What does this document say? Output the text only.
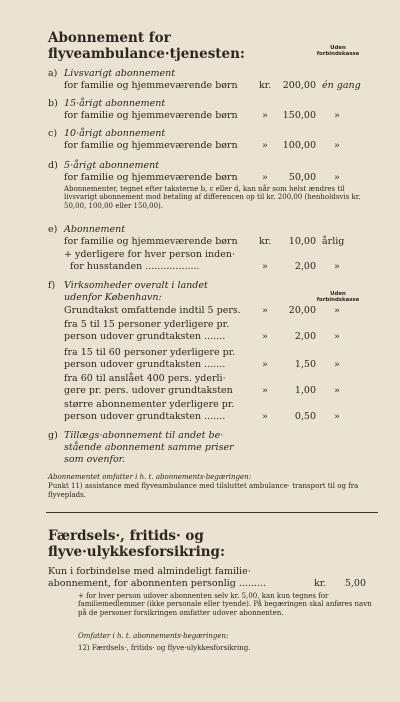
Abonnement for
flyveambulance·tjenesten:	Uden
forbindskasse
a) Livsvarigt abonnement
for familie og hjemmeværende børn kr.	200,00 én gang
b) 15·årigt abonnement
for familie og hjemmeværende børn	»	150,00 »
c) 10·årigt abonnement
for familie og hjemmeværende børn	»	100,00 »
d) 5·årigt abonnement
for familie og hjemmeværende børn	»	50,00 »
Abonnementer, tegnet efter taksterne b, c eller d, kan når som helst ændres til livsvarigt abonnement mod betaling af differencen op til kr. 200,00 (henholdsvis kr. 50,00, 100,00 eller 150,00).
e) Abonnement
for familie og hjemmeværende børn kr.	10,00 årlig
+ yderligere for hver person inden·
for husstanden ..................	»	2,00 »
f) Virksomheder overalt i landet
udenfor København:	Uden
forbindskasse
Grundtakst omfattende indtil 5 pers. »	20,00 »
fra 5 til 15 personer yderligere pr.
person udover grundtaksten .......	»	2,00 »
fra 15 til 60 personer yderligere pr.
person udover grundtaksten .......	»	1,50 »
fra 60 til anslået 400 pers. yderli·
gere pr. pers. udover grundtaksten	»	1,00 »
større abonnementer yderligere pr.
person udover grundtaksten .......	»	0,50 »
g) Tillægs·abonnement til andet be·
stående abonnement samme priser
som ovenfor.
Abonnementet omfatter i h. t. abonnements·begæringen:
Punkt 11) assistance med flyveambulance med tilsluttet ambulance· transport til og fra flyveplads.
Færdsels·, fritids· og
flyve·ulykkesforsikring:
Kun i forbindelse med almindeligt familie·
abonnement, for abonnenten personlig .........	kr.	5,00
+ for hver person udover abonnenten selv kr. 5,00, kan kun tegnes for familiemedlemmer (ikke personale eller tyende). På begæringen skal anføres navn på de personer forsikringen omfatter udover abonnenten.
Omfatter i h. t. abonnements·begæringen:
12) Færdsels·, fritids· og flyve·ulykkesforsikring.
